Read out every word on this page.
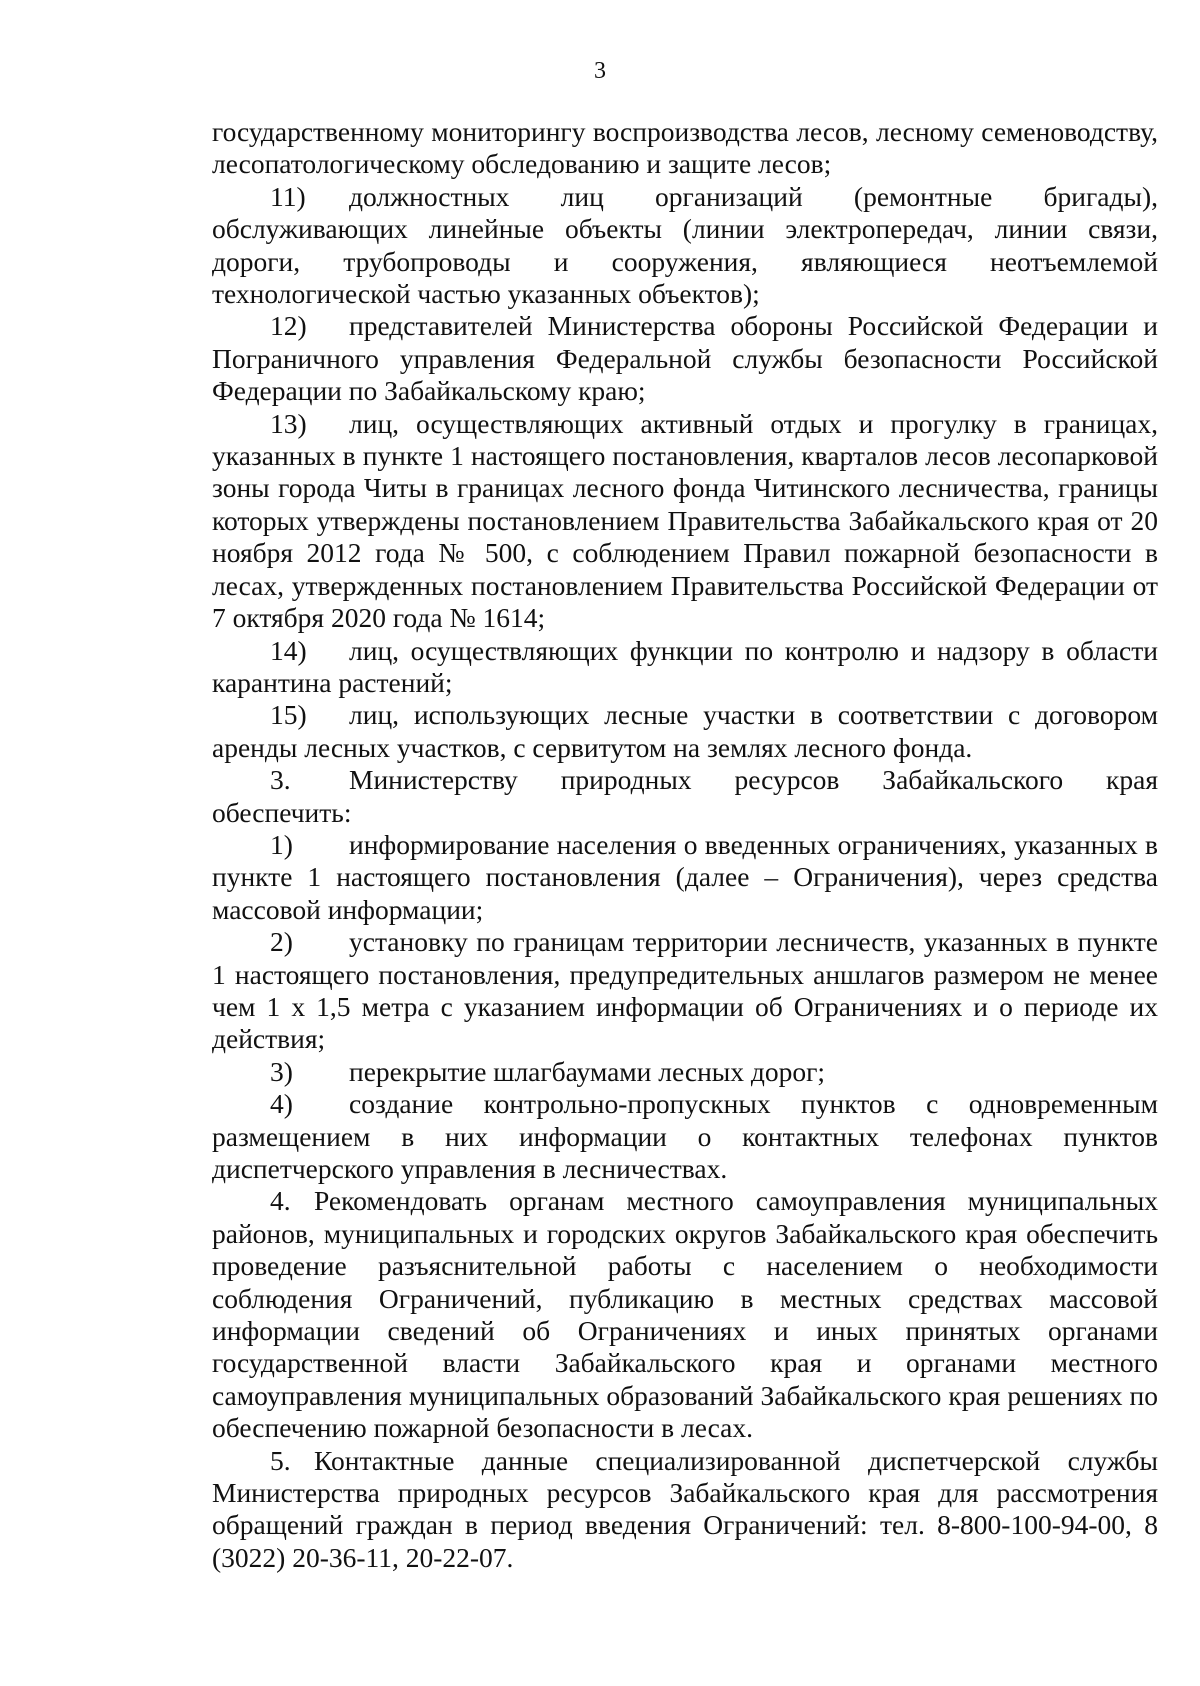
3

государственному мониторингу воспроизводства лесов, лесному семеноводству, лесопатологическому обследованию и защите лесов;

11) должностных лиц организаций (ремонтные бригады), обслуживающих линейные объекты (линии электропередач, линии связи, дороги, трубопроводы и сооружения, являющиеся неотъемлемой технологической частью указанных объектов);

12) представителей Министерства обороны Российской Федерации и Пограничного управления Федеральной службы безопасности Российской Федерации по Забайкальскому краю;

13) лиц, осуществляющих активный отдых и прогулку в границах, указанных в пункте 1 настоящего постановления, кварталов лесов лесопарковой зоны города Читы в границах лесного фонда Читинского лесничества, границы которых утверждены постановлением Правительства Забайкальского края от 20 ноября 2012 года № 500, с соблюдением Правил пожарной безопасности в лесах, утвержденных постановлением Правительства Российской Федерации от 7 октября 2020 года № 1614;

14) лиц, осуществляющих функции по контролю и надзору в области карантина растений;

15) лиц, использующих лесные участки в соответствии с договором аренды лесных участков, с сервитутом на землях лесного фонда.

3. Министерству природных ресурсов Забайкальского края обеспечить:

1) информирование населения о введенных ограничениях, указанных в пункте 1 настоящего постановления (далее – Ограничения), через средства массовой информации;

2) установку по границам территории лесничеств, указанных в пункте 1 настоящего постановления, предупредительных аншлагов размером не менее чем 1 х 1,5 метра с указанием информации об Ограничениях и о периоде их действия;

3) перекрытие шлагбаумами лесных дорог;

4) создание контрольно-пропускных пунктов с одновременным размещением в них информации о контактных телефонах пунктов диспетчерского управления в лесничествах.

4. Рекомендовать органам местного самоуправления муниципальных районов, муниципальных и городских округов Забайкальского края обеспечить проведение разъяснительной работы с населением о необходимости соблюдения Ограничений, публикацию в местных средствах массовой информации сведений об Ограничениях и иных принятых органами государственной власти Забайкальского края и органами местного самоуправления муниципальных образований Забайкальского края решениях по обеспечению пожарной безопасности в лесах.

5. Контактные данные специализированной диспетчерской службы Министерства природных ресурсов Забайкальского края для рассмотрения обращений граждан в период введения Ограничений: тел. 8-800-100-94-00, 8 (3022) 20-36-11, 20-22-07.
